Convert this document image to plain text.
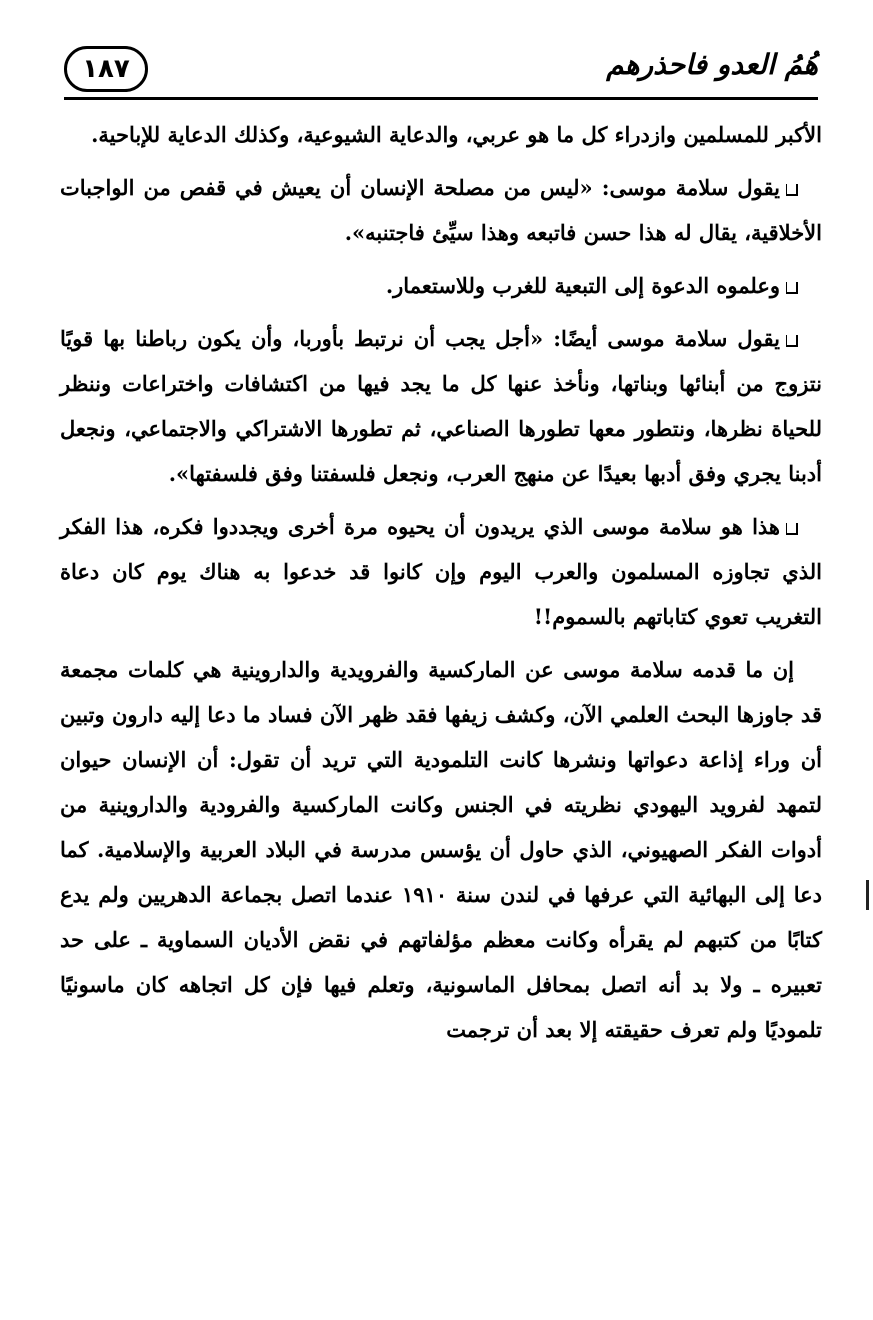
١٨٧	هُمُ العدو فاحذرهم

الأكبر للمسلمين وازدراء كل ما هو عربي، والدعاية الشيوعية، وكذلك الدعاية للإباحية.

يقول سلامة موسى: «ليس من مصلحة الإنسان أن يعيش في قفص من الواجبات الأخلاقية، يقال له هذا حسن فاتبعه وهذا سيِّئ فاجتنبه».

وعلموه الدعوة إلى التبعية للغرب وللاستعمار.

يقول سلامة موسى أيضًا: «أجل يجب أن نرتبط بأوربا، وأن يكون رباطنا بها قويًا نتزوج من أبنائها وبناتها، ونأخذ عنها كل ما يجد فيها من اكتشافات واختراعات وننظر للحياة نظرها، ونتطور معها تطورها الصناعي، ثم تطورها الاشتراكي والاجتماعي، ونجعل أدبنا يجري وفق أدبها بعيدًا عن منهج العرب، ونجعل فلسفتنا وفق فلسفتها».

هذا هو سلامة موسى الذي يريدون أن يحيوه مرة أخرى ويجددوا فكره، هذا الفكر الذي تجاوزه المسلمون والعرب اليوم وإن كانوا قد خدعوا به هناك يوم كان دعاة التغريب تعوي كتاباتهم بالسموم!!

إن ما قدمه سلامة موسى عن الماركسية والفرويدية والداروينية هي كلمات مجمعة قد جاوزها البحث العلمي الآن، وكشف زيفها فقد ظهر الآن فساد ما دعا إليه دارون وتبين أن وراء إذاعة دعواتها ونشرها كانت التلمودية التي تريد أن تقول: أن الإنسان حيوان لتمهد لفرويد اليهودي نظريته في الجنس وكانت الماركسية والفرودية والداروينية من أدوات الفكر الصهيوني، الذي حاول أن يؤسس مدرسة في البلاد العربية والإسلامية. كما دعا إلى البهائية التي عرفها في لندن سنة ١٩١٠ عندما اتصل بجماعة الدهريين ولم يدع كتابًا من كتبهم لم يقرأه وكانت معظم مؤلفاتهم في نقض الأديان السماوية ـ على حد تعبيره ـ ولا بد أنه اتصل بمحافل الماسونية، وتعلم فيها فإن كل اتجاهه كان ماسونيًا تلموديًا ولم تعرف حقيقته إلا بعد أن ترجمت
